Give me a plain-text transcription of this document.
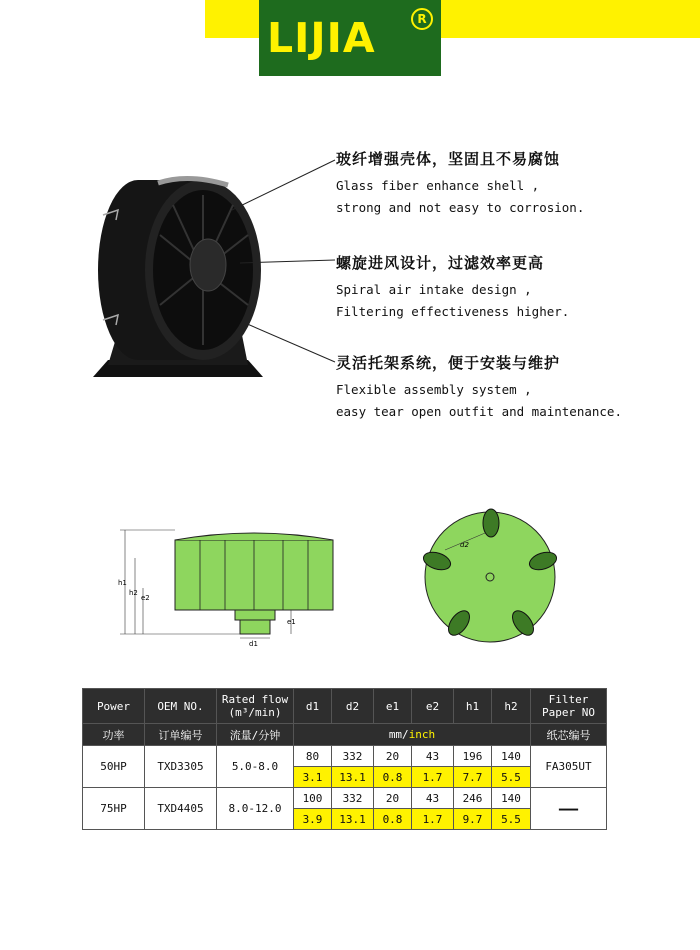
LIJIA	R
玻纤增强壳体，坚固且不易腐蚀
Glass fiber enhance shell ,
strong and not easy to corrosion.
螺旋进风设计，过滤效率更高
Spiral air intake design ,
Filtering effectiveness higher.
灵活托架系统，便于安装与维护
Flexible assembly system ,
easy tear open outfit and maintenance.
h1
h2
e2
e1
d1
d2
Power	OEM NO.	Rated flow
(m³/min)	d1	d2	e1	e2	h1	h2	Filter
Paper NO
功率	订单编号	流量/分钟	mm/inch						纸芯编号
50HP	TXD3305	5.0-8.0	80	332	20	43	196	140	FA305UT
			3.1	13.1	0.8	1.7	7.7	5.5	
75HP	TXD4405	8.0-12.0	100	332	20	43	246	140	——
			3.9	13.1	0.8	1.7	9.7	5.5	
